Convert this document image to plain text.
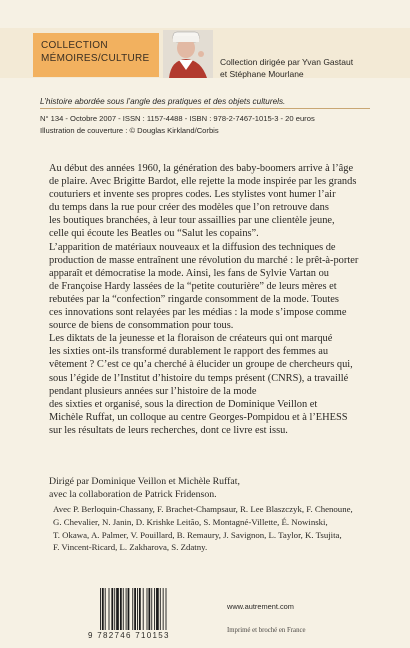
COLLECTION
MÉMOIRES/CULTURE	Collection dirigée par Yvan Gastaut
et Stéphane Mourlane
L’histoire abordée sous l’angle des pratiques et des objets culturels.
N° 134 - Octobre 2007 - ISSN : 1157-4488 - ISBN : 978-2-7467-1015-3 - 20 euros
Illustration de couverture : © Douglas Kirkland/Corbis

Au début des années 1960, la génération des baby-boomers arrive à l’âge
de plaire. Avec Brigitte Bardot, elle rejette la mode inspirée par les grands
couturiers et invente ses propres codes. Les stylistes vont humer l’air
du temps dans la rue pour créer des modèles que l’on retrouve dans
les boutiques branchées, à leur tour assaillies par une clientèle jeune,
celle qui écoute les Beatles ou “Salut les copains”.

L’apparition de matériaux nouveaux et la diffusion des techniques de
production de masse entraînent une révolution du marché : le prêt-à-porter
apparaît et démocratise la mode. Ainsi, les fans de Sylvie Vartan ou
de Françoise Hardy lassées de la “petite couturière” de leurs mères et
rebutées par la “confection” ringarde consomment de la mode. Toutes
ces innovations sont relayées par les médias : la mode s’impose comme
source de biens de consommation pour tous.

Les diktats de la jeunesse et la floraison de créateurs qui ont marqué
les sixties ont-ils transformé durablement le rapport des femmes au
vêtement ? C’est ce qu’a cherché à élucider un groupe de chercheurs qui,
sous l’égide de l’Institut d’histoire du temps présent (CNRS), a travaillé
pendant plusieurs années sur l’histoire de la mode
des sixties et organisé, sous la direction de Dominique Veillon et
Michèle Ruffat, un colloque au centre Georges-Pompidou et à l’EHESS
sur les résultats de leurs recherches, dont ce livre est issu.

Dirigé par Dominique Veillon et Michèle Ruffat,
avec la collaboration de Patrick Fridenson.
Avec P. Berloquin-Chassany, F. Brachet-Champsaur, R. Lee Blaszczyk, F. Chenoune,
G. Chevalier, N. Janin, D. Krishke Leitão, S. Montagné-Villette, É. Nowinski,
T. Okawa, A. Palmer, V. Pouillard, B. Remaury, J. Savignon, L. Taylor, K. Tsujita,
F. Vincent-Ricard, L. Zakharova, S. Zdatny.
9 782746 710153
www.autrement.com
Imprimé et broché en France
